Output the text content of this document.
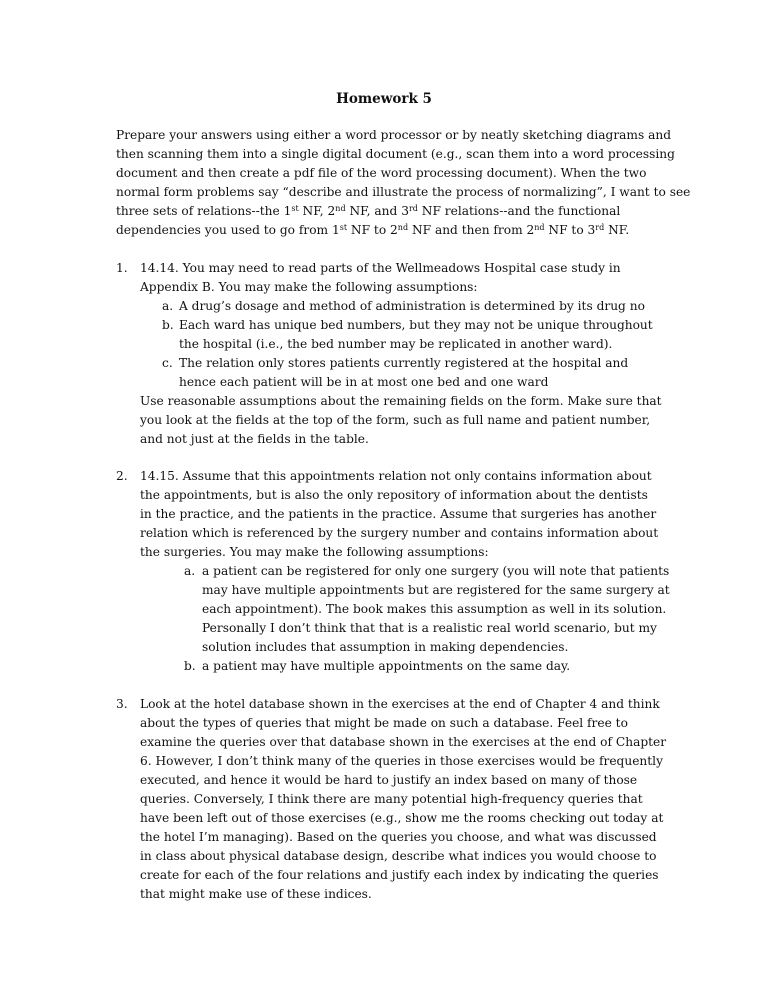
Homework 5
Prepare your answers using either a word processor or by neatly sketching diagrams and
then scanning them into a single digital document (e.g., scan them into a word processing
document and then create a pdf file of the word processing document). When the two
normal form problems say “describe and illustrate the process of normalizing”, I want to see
three sets of relations--the 1st NF, 2nd NF, and 3rd NF relations--and the functional
dependencies you used to go from 1st NF to 2nd NF and then from 2nd NF to 3rd NF.
1. 14.14. You may need to read parts of the Wellmeadows Hospital case study in
Appendix B. You may make the following assumptions:
a. A drug’s dosage and method of administration is determined by its drug no
b. Each ward has unique bed numbers, but they may not be unique throughout
the hospital (i.e., the bed number may be replicated in another ward).
c. The relation only stores patients currently registered at the hospital and
hence each patient will be in at most one bed and one ward
Use reasonable assumptions about the remaining fields on the form. Make sure that
you look at the fields at the top of the form, such as full name and patient number,
and not just at the fields in the table.
2. 14.15. Assume that this appointments relation not only contains information about
the appointments, but is also the only repository of information about the dentists
in the practice, and the patients in the practice. Assume that surgeries has another
relation which is referenced by the surgery number and contains information about
the surgeries. You may make the following assumptions:
a. a patient can be registered for only one surgery (you will note that patients
may have multiple appointments but are registered for the same surgery at
each appointment). The book makes this assumption as well in its solution.
Personally I don’t think that that is a realistic real world scenario, but my
solution includes that assumption in making dependencies.
b. a patient may have multiple appointments on the same day.
3. Look at the hotel database shown in the exercises at the end of Chapter 4 and think
about the types of queries that might be made on such a database. Feel free to
examine the queries over that database shown in the exercises at the end of Chapter
6. However, I don’t think many of the queries in those exercises would be frequently
executed, and hence it would be hard to justify an index based on many of those
queries. Conversely, I think there are many potential high-frequency queries that
have been left out of those exercises (e.g., show me the rooms checking out today at
the hotel I’m managing). Based on the queries you choose, and what was discussed
in class about physical database design, describe what indices you would choose to
create for each of the four relations and justify each index by indicating the queries
that might make use of these indices.
